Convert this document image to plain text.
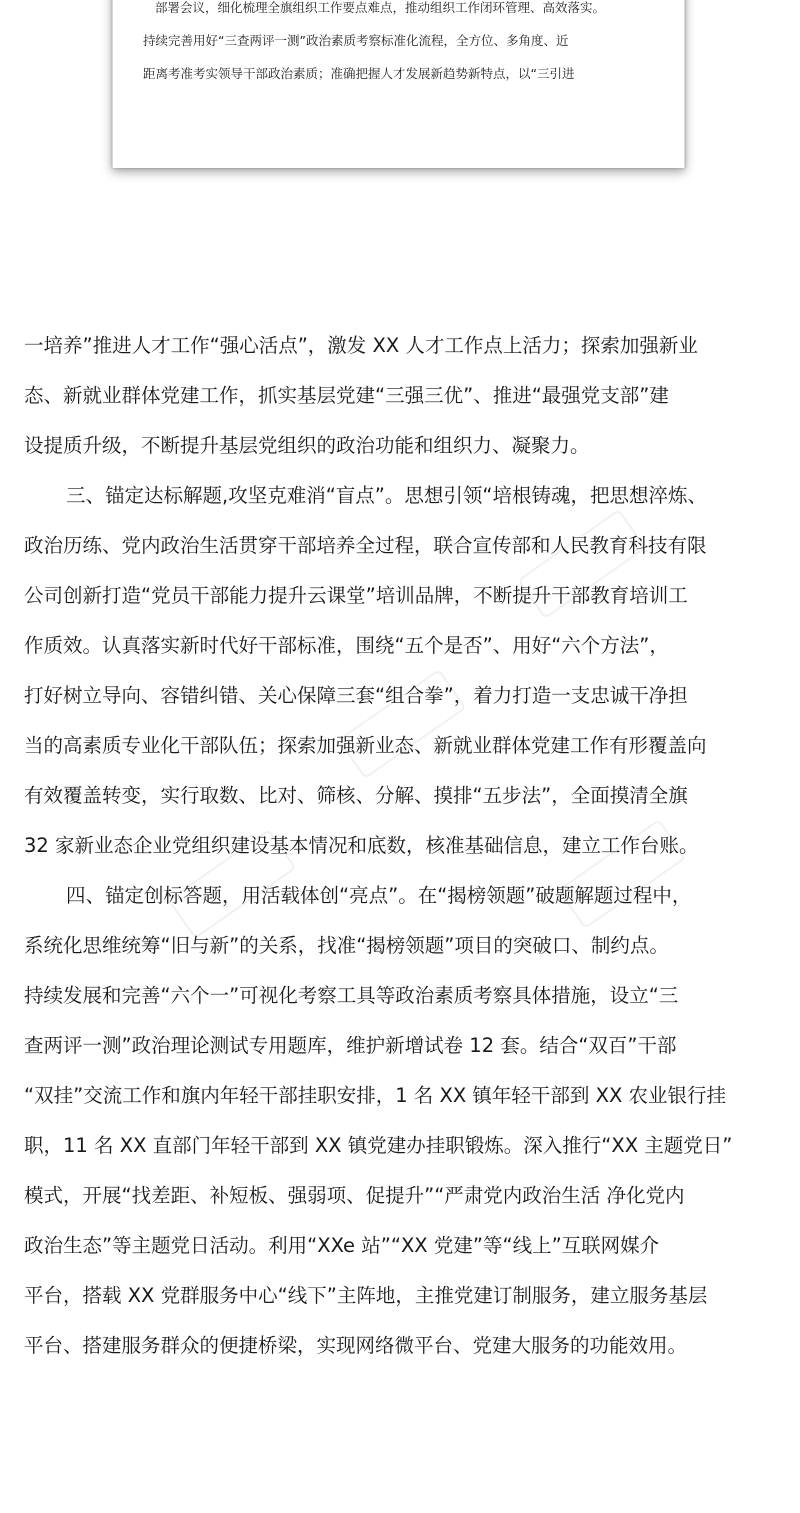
部署会议，细化梳理全旗组织工作要点难点，推动组织工作闭环管理、高效落实。
持续完善用好“三查两评一测”政治素质考察标准化流程，全方位、多角度、近
距离考准考实领导干部政治素质；准确把握人才发展新趋势新特点，以“三引进
一培养”推进人才工作“强心活点”，激发 XX 人才工作点上活力；探索加强新业
态、新就业群体党建工作，抓实基层党建“三强三优”、推进“最强党支部”建
设提质升级，不断提升基层党组织的政治功能和组织力、凝聚力。
三、锚定达标解题,攻坚克难消“盲点”。思想引领“培根铸魂，把思想淬炼、
政治历练、党内政治生活贯穿干部培养全过程，联合宣传部和人民教育科技有限
公司创新打造“党员干部能力提升云课堂”培训品牌，不断提升干部教育培训工
作质效。认真落实新时代好干部标准，围绕“五个是否”、用好“六个方法”，
打好树立导向、容错纠错、关心保障三套“组合拳”，着力打造一支忠诚干净担
当的高素质专业化干部队伍；探索加强新业态、新就业群体党建工作有形覆盖向
有效覆盖转变，实行取数、比对、筛核、分解、摸排“五步法”，全面摸清全旗
32 家新业态企业党组织建设基本情况和底数，核准基础信息，建立工作台账。
四、锚定创标答题，用活载体创“亮点”。在“揭榜领题”破题解题过程中，
系统化思维统筹“旧与新”的关系，找准“揭榜领题”项目的突破口、制约点。
持续发展和完善“六个一”可视化考察工具等政治素质考察具体措施，设立“三
查两评一测”政治理论测试专用题库，维护新增试卷 12 套。结合“双百”干部
“双挂”交流工作和旗内年轻干部挂职安排，1 名 XX 镇年轻干部到 XX 农业银行挂
职，11 名 XX 直部门年轻干部到 XX 镇党建办挂职锻炼。深入推行“XX 主题党日”
模式，开展“找差距、补短板、强弱项、促提升”“严肃党内政治生活 净化党内
政治生态”等主题党日活动。利用“XXe 站”“XX 党建”等“线上”互联网媒介
平台，搭载 XX 党群服务中心“线下”主阵地，主推党建订制服务，建立服务基层
平台、搭建服务群众的便捷桥梁，实现网络微平台、党建大服务的功能效用。
